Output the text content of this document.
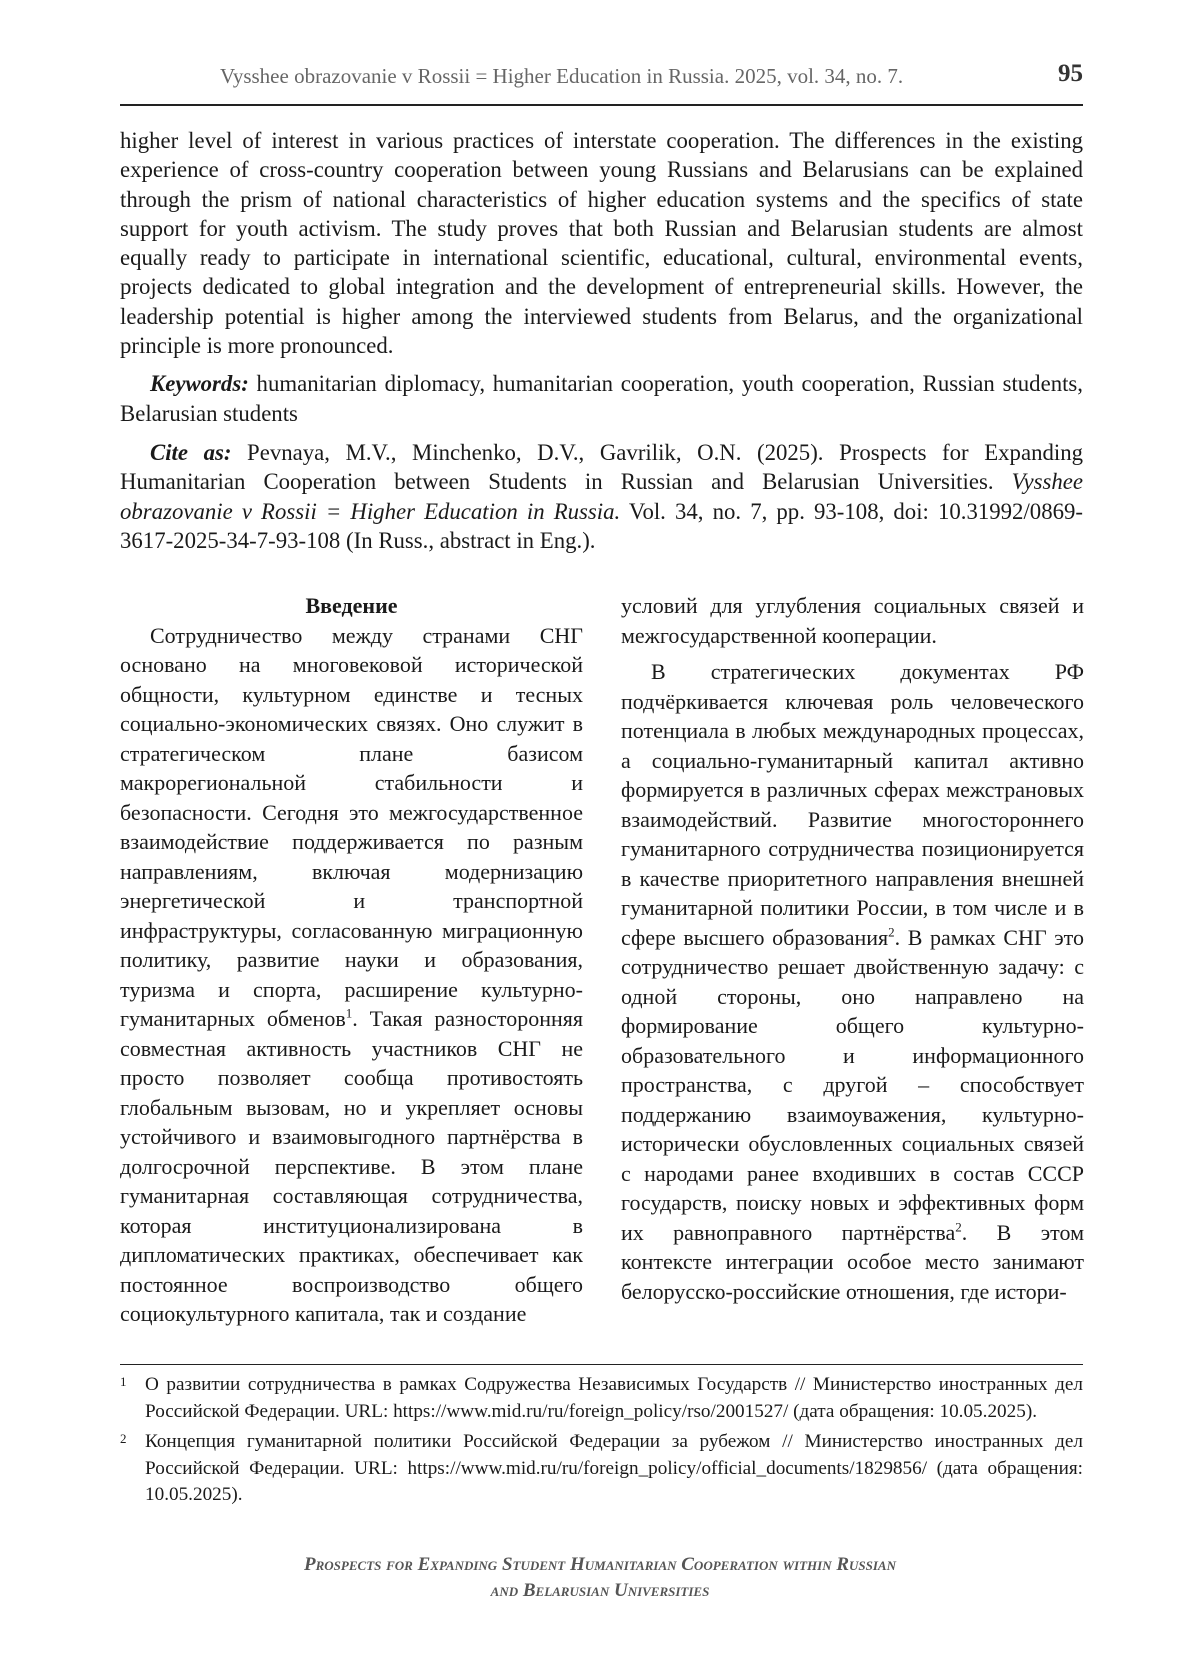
Vysshee obrazovanie v Rossii = Higher Education in Russia. 2025, vol. 34, no. 7.	95

higher level of interest in various practices of interstate cooperation. The differences in the existing experience of cross-country cooperation between young Russians and Belarusians can be explained through the prism of national characteristics of higher education systems and the specifics of state support for youth activism. The study proves that both Russian and Belarusian students are almost equally ready to participate in international scientific, educational, cultural, environmental events, projects dedicated to global integration and the development of entrepreneurial skills. However, the leadership potential is higher among the interviewed students from Belarus, and the organizational principle is more pronounced.

Keywords: humanitarian diplomacy, humanitarian cooperation, youth cooperation, Russian students, Belarusian students

Cite as: Pevnaya, M.V., Minchenko, D.V., Gavrilik, O.N. (2025). Prospects for Expanding Humanitarian Cooperation between Students in Russian and Belarusian Universities. Vysshee obrazovanie v Rossii = Higher Education in Russia. Vol. 34, no. 7, pp. 93-108, doi: 10.31992/0869-3617-2025-34-7-93-108 (In Russ., abstract in Eng.).

Введение

Сотрудничество между странами СНГ основано на многовековой исторической общности, культурном единстве и тесных социально-экономических связях. Оно служит в стратегическом плане базисом макрорегиональной стабильности и безопасности. Сегодня это межгосударственное взаимодействие поддерживается по разным направлениям, включая модернизацию энергетической и транспортной инфраструктуры, согласованную миграционную политику, развитие науки и образования, туризма и спорта, расширение культурно-гуманитарных обменов$^1$. Такая разносторонняя совместная активность участников СНГ не просто позволяет сообща противостоять глобальным вызовам, но и укрепляет основы устойчивого и взаимовыгодного партнёрства в долгосрочной перспективе. В этом плане гуманитарная составляющая сотрудничества, которая институционализирована в дипломатических практиках, обеспечивает как постоянное воспроизводство общего социокультурного капитала, так и создание

условий для углубления социальных связей и межгосударственной кооперации.

В стратегических документах РФ подчёркивается ключевая роль человеческого потенциала в любых международных процессах, а социально-гуманитарный капитал активно формируется в различных сферах межстрановых взаимодействий. Развитие многостороннего гуманитарного сотрудничества позиционируется в качестве приоритетного направления внешней гуманитарной политики России, в том числе и в сфере высшего образования$^2$. В рамках СНГ это сотрудничество решает двойственную задачу: с одной стороны, оно направлено на формирование общего культурно-образовательного и информационного пространства, с другой – способствует поддержанию взаимоуважения, культурно-исторически обусловленных социальных связей с народами ранее входивших в состав СССР государств, поиску новых и эффективных форм их равноправного партнёрства$^2$. В этом контексте интеграции особое место занимают белорусско-российские отношения, где истори-

1 О развитии сотрудничества в рамках Содружества Независимых Государств // Министерство иностранных дел Российской Федерации. URL: https://www.mid.ru/ru/foreign_policy/rso/2001527/ (дата обращения: 10.05.2025).
2 Концепция гуманитарной политики Российской Федерации за рубежом // Министерство иностранных дел Российской Федерации. URL: https://www.mid.ru/ru/foreign_policy/official_documents/1829856/ (дата обращения: 10.05.2025).
Prospects for Expanding Student Humanitarian Cooperation within Russian
and Belarusian Universities
